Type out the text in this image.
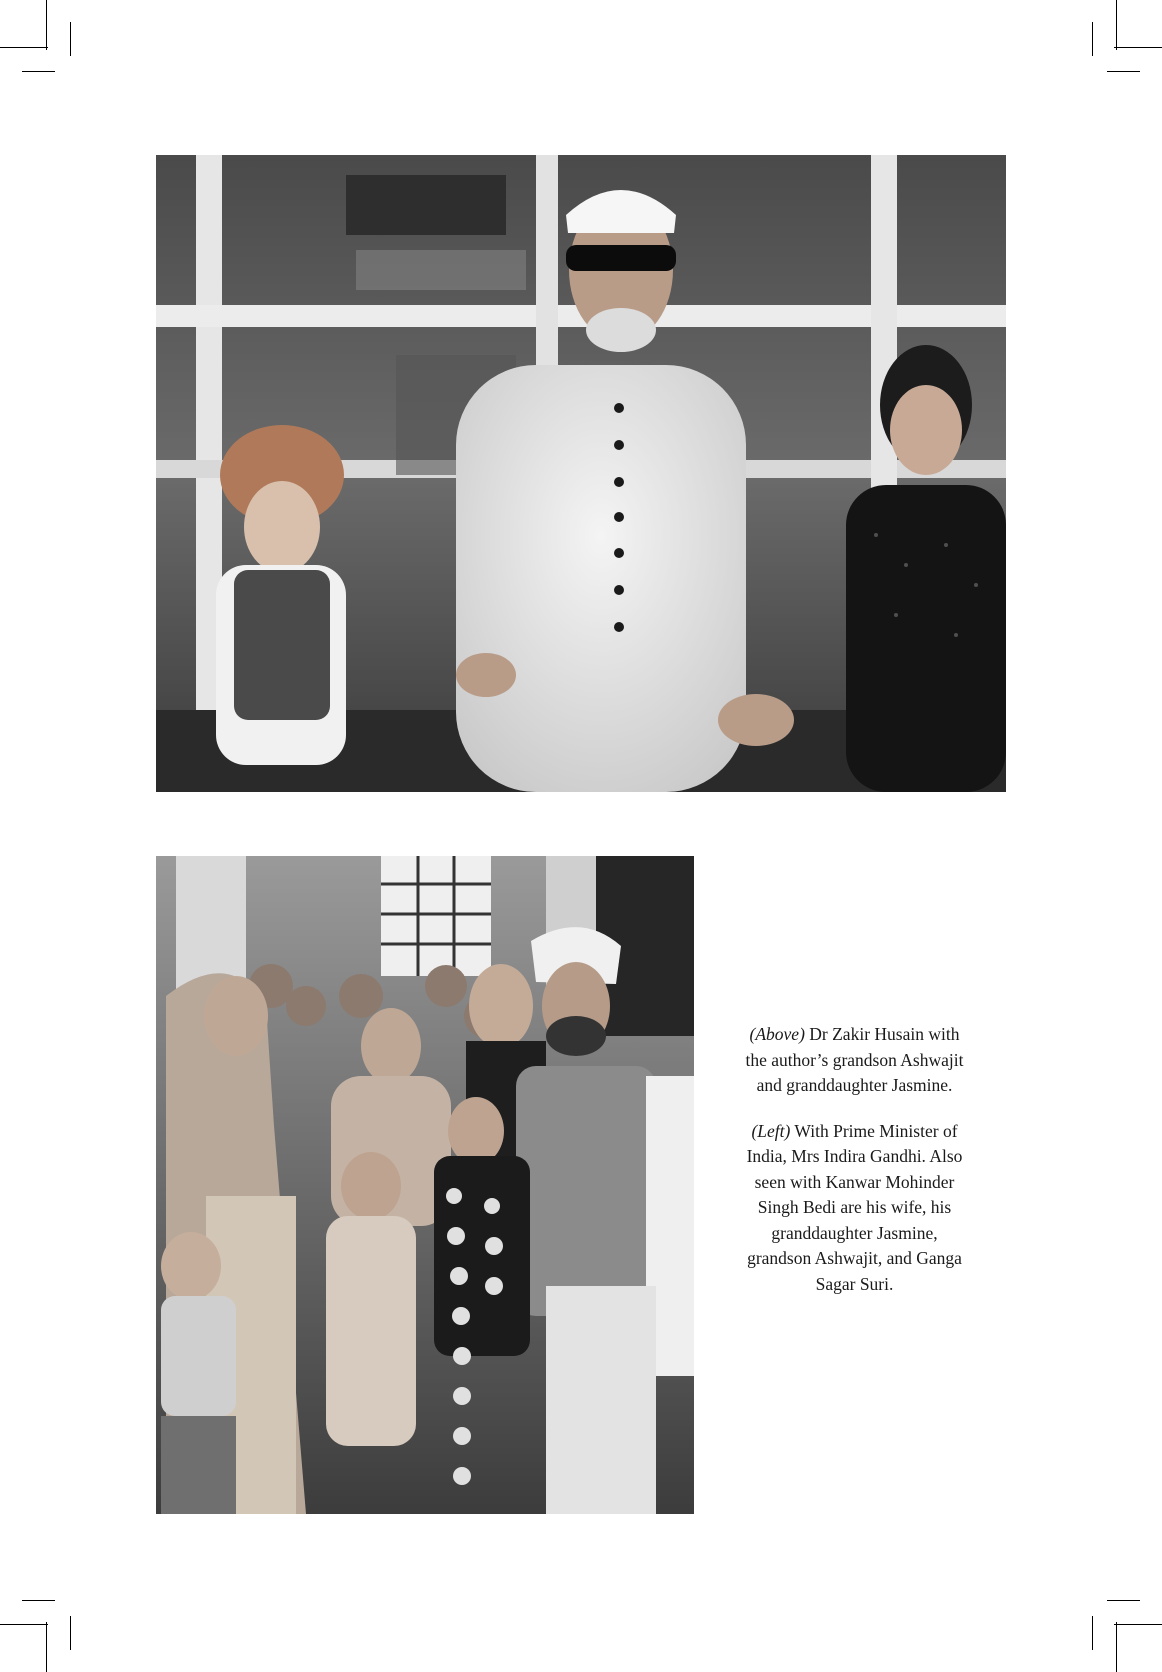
(Above) Dr Zakir Husain with the author’s grandson Ashwajit and granddaughter Jasmine.

(Left) With Prime Minister of India, Mrs Indira Gandhi. Also seen with Kanwar Mohinder Singh Bedi are his wife, his granddaughter Jasmine, grandson Ashwajit, and Ganga Sagar Suri.
